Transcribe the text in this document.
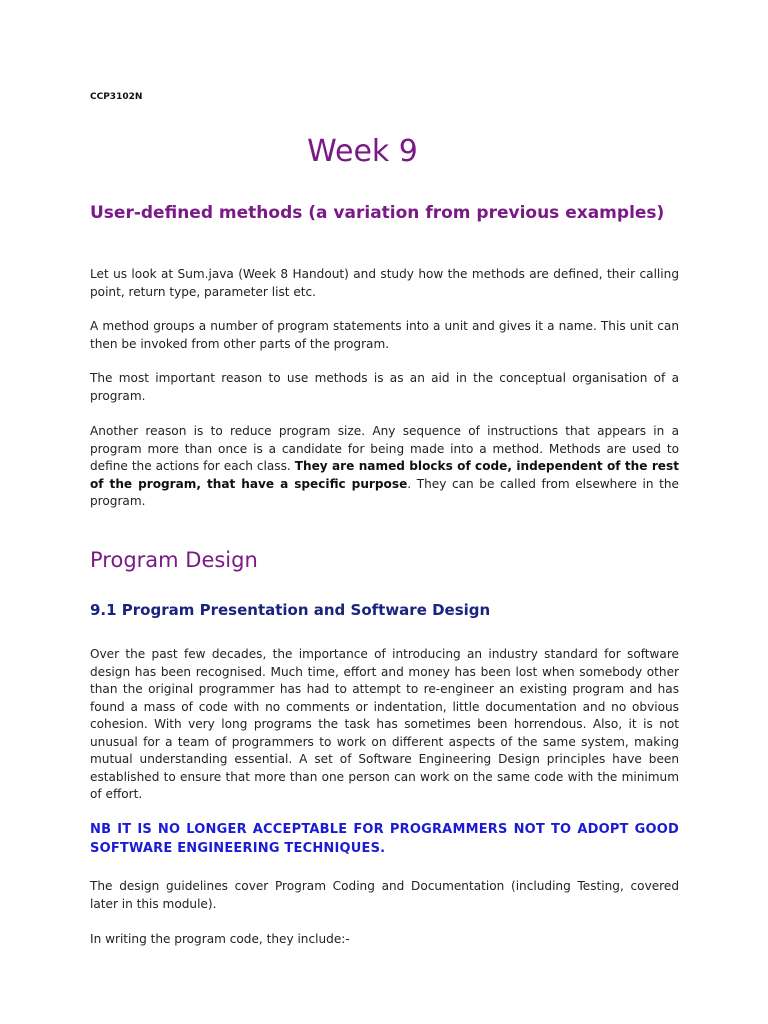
CCP3102N
Week 9
User-defined methods (a variation from previous examples)

Let us look at Sum.java (Week 8 Handout) and study how the methods are defined, their calling point, return type, parameter list etc.

A method groups a number of program statements into a unit and gives it a name. This unit can then be invoked from other parts of the program.

The most important reason to use methods is as an aid in the conceptual organisation of a program.

Another reason is to reduce program size. Any sequence of instructions that appears in a program more than once is a candidate for being made into a method. Methods are used to define the actions for each class. They are named blocks of code, independent of the rest of the program, that have a specific purpose. They can be called from elsewhere in the program.

Program Design
9.1 Program Presentation and Software Design

Over the past few decades, the importance of introducing an industry standard for software design has been recognised. Much time, effort and money has been lost when somebody other than the original programmer has had to attempt to re-engineer an existing program and has found a mass of code with no comments or indentation, little documentation and no obvious cohesion. With very long programs the task has sometimes been horrendous. Also, it is not unusual for a team of programmers to work on different aspects of the same system, making mutual understanding essential. A set of Software Engineering Design principles have been established to ensure that more than one person can work on the same code with the minimum of effort.

NB IT IS NO LONGER ACCEPTABLE FOR PROGRAMMERS NOT TO ADOPT GOOD SOFTWARE ENGINEERING TECHNIQUES.

The design guidelines cover Program Coding and Documentation (including Testing, covered later in this module).

In writing the program code, they include:-
